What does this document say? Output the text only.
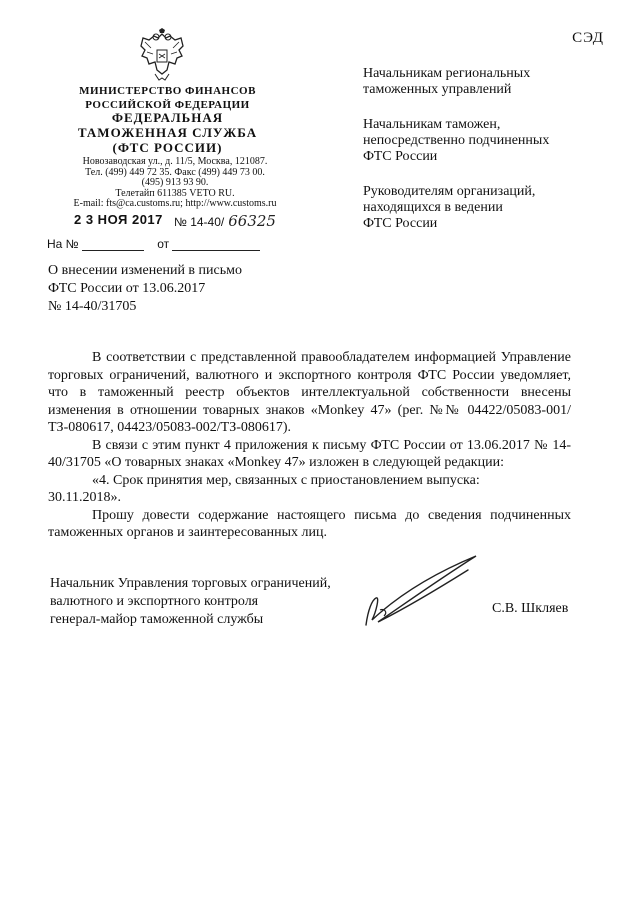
СЭД
МИНИСТЕРСТВО ФИНАНСОВ
РОССИЙСКОЙ ФЕДЕРАЦИИ
ФЕДЕРАЛЬНАЯ
ТАМОЖЕННАЯ СЛУЖБА
(ФТС РОССИИ)
Новозаводская ул., д. 11/5, Москва, 121087.
Тел. (499) 449 72 35. Факс (499) 449 73 00.
(495) 913 93 90.
Телетайп 611385 VETO RU.
E-mail: fts@ca.customs.ru; http://www.customs.ru
2 3 НОЯ 2017 № 14-40/ 66325
На №	от
О внесении изменений в письмо
ФТС России от 13.06.2017
№ 14-40/31705

Начальникам региональных
таможенных управлений

Начальникам таможен,
непосредственно подчиненных
ФТС России

Руководителям организаций,
находящихся в ведении
ФТС России

В соответствии с представленной правообладателем информацией Управление торговых ограничений, валютного и экспортного контроля ФТС России уведомляет, что в таможенный реестр объектов интеллектуальной собственности внесены изменения в отношении товарных знаков «Monkey 47» (рег. №№ 04422/05083-001/ТЗ-080617, 04423/05083-002/ТЗ-080617).

В связи с этим пункт 4 приложения к письму ФТС России от 13.06.2017 № 14-40/31705 «О товарных знаках «Monkey 47» изложен в следующей редакции:

«4. Срок принятия мер, связанных с приостановлением выпуска:

30.11.2018».

Прошу довести содержание настоящего письма до сведения подчиненных таможенных органов и заинтересованных лиц.

Начальник Управления торговых ограничений,
валютного и экспортного контроля
генерал-майор таможенной службы
С.В. Шкляев
